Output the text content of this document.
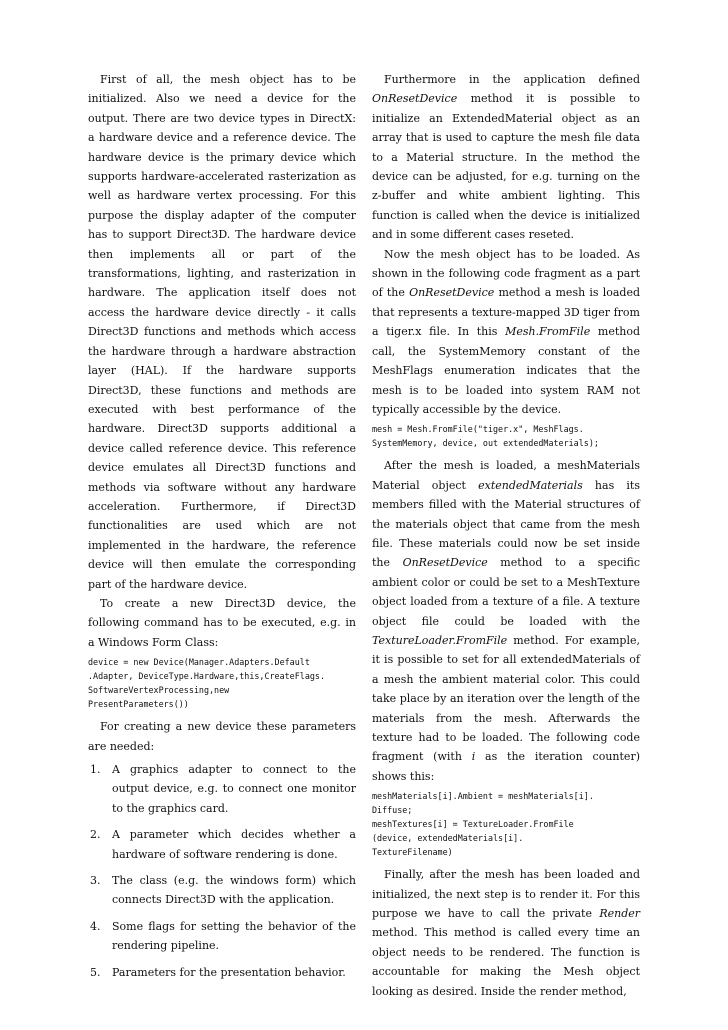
First of all, the mesh object has to be initialized. Also we need a device for the output. There are two device types in DirectX: a hardware device and a reference device. The hardware device is the primary device which supports hardware-accelerated rasterization as well as hardware vertex processing. For this purpose the display adapter of the computer has to support Direct3D. The hardware device then implements all or part of the transformations, lighting, and rasterization in hardware. The application itself does not access the hardware device directly - it calls Direct3D functions and methods which access the hardware through a hardware abstraction layer (HAL). If the hardware supports Direct3D, these functions and methods are executed with best performance of the hardware. Direct3D supports additional a device called reference device. This reference device emulates all Direct3D functions and methods via software without any hardware acceleration. Furthermore, if Direct3D functionalities are used which are not implemented in the hardware, the reference device will then emulate the corresponding part of the hardware device.

To create a new Direct3D device, the following command has to be executed, e.g. in a Windows Form Class:

device = new Device(Manager.Adapters.Default
.Adapter, DeviceType.Hardware,this,CreateFlags.
SoftwareVertexProcessing,new
PresentParameters())

For creating a new device these parameters are needed:

1. A graphics adapter to connect to the output device, e.g. to connect one monitor to the graphics card.
2. A parameter which decides whether a hardware of software rendering is done.
3. The class (e.g. the windows form) which connects Direct3D with the application.
4. Some flags for setting the behavior of the rendering pipeline.
5. Parameters for the presentation behavior.

Furthermore in the application defined OnResetDevice method it is possible to initialize an ExtendedMaterial object as an array that is used to capture the mesh file data to a Material structure. In the method the device can be adjusted, for e.g. turning on the z-buffer and white ambient lighting. This function is called when the device is initialized and in some different cases reseted.

Now the mesh object has to be loaded. As shown in the following code fragment as a part of the OnResetDevice method a mesh is loaded that represents a texture-mapped 3D tiger from a tiger.x file. In this Mesh.FromFile method call, the SystemMemory constant of the MeshFlags enumeration indicates that the mesh is to be loaded into system RAM not typically accessible by the device.

mesh = Mesh.FromFile("tiger.x", MeshFlags.
SystemMemory, device, out extendedMaterials);

After the mesh is loaded, a meshMaterials Material object extendedMaterials has its members filled with the Material structures of the materials object that came from the mesh file. These materials could now be set inside the OnResetDevice method to a specific ambient color or could be set to a MeshTexture object loaded from a texture of a file. A texture object file could be loaded with the TextureLoader.FromFile method. For example, it is possible to set for all extendedMaterials of a mesh the ambient material color. This could take place by an iteration over the length of the materials from the mesh. Afterwards the texture had to be loaded. The following code fragment (with i as the iteration counter) shows this:

meshMaterials[i].Ambient = meshMaterials[i].
Diffuse;
meshTextures[i] = TextureLoader.FromFile
(device, extendedMaterials[i].
TextureFilename)

Finally, after the mesh has been loaded and initialized, the next step is to render it. For this purpose we have to call the private Render method. This method is called every time an object needs to be rendered. The function is accountable for making the Mesh object looking as desired. Inside the render method,
